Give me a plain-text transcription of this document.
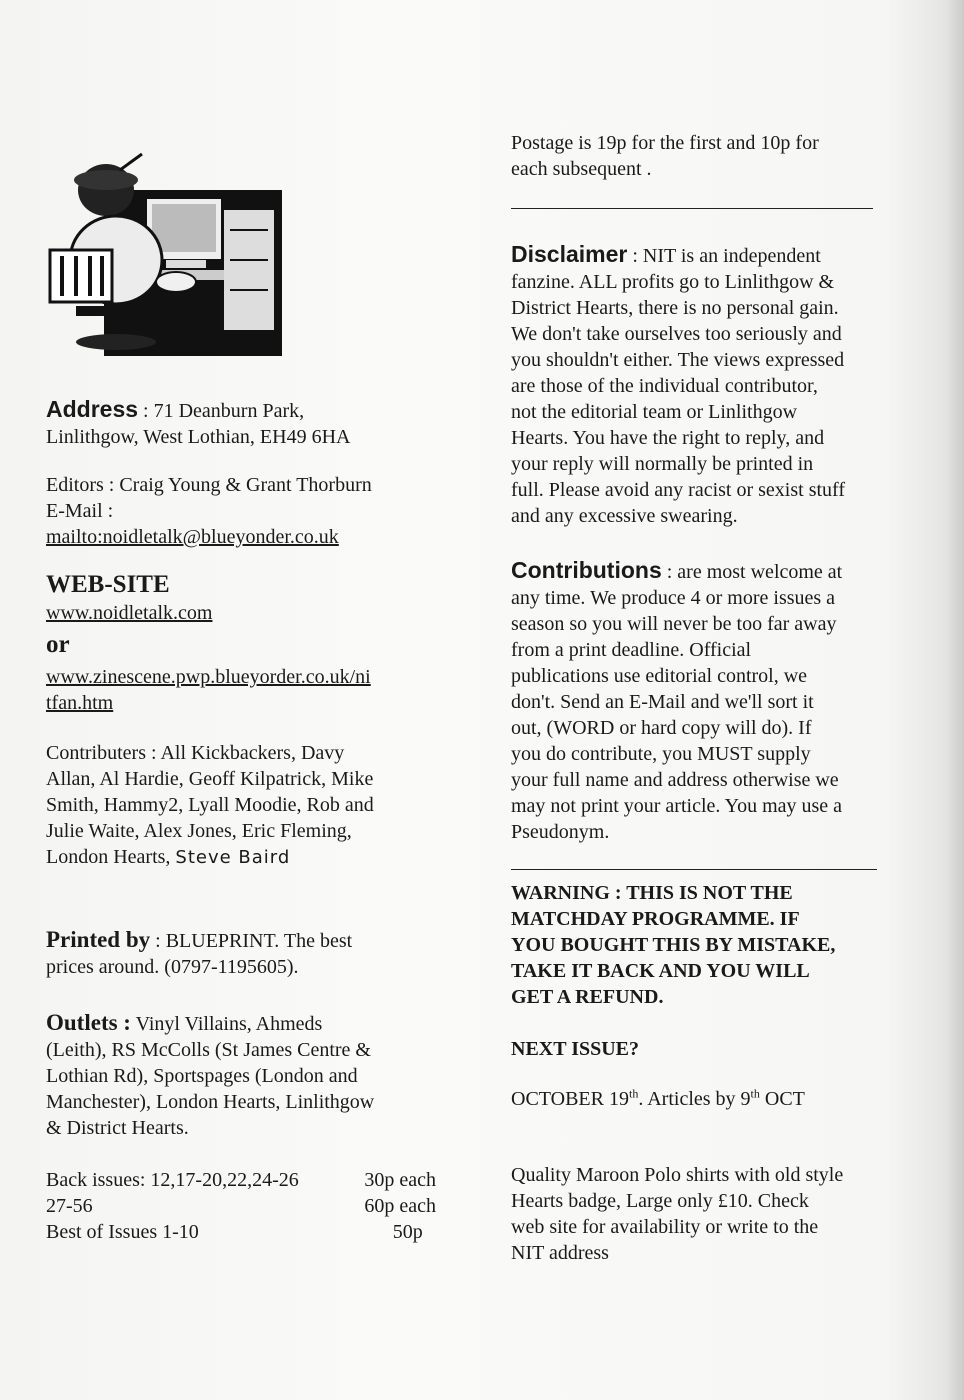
Address : 71 Deanburn Park,
Linlithgow, West Lothian, EH49 6HA
Editors : Craig Young & Grant Thorburn
E-Mail :
mailto:noidletalk@blueyonder.co.uk
WEB-SITE
www.noidletalk.com
or
www.zinescene.pwp.blueyorder.co.uk/ni
tfan.htm
Contributers : All Kickbackers, Davy
Allan, Al Hardie, Geoff Kilpatrick, Mike
Smith, Hammy2, Lyall Moodie, Rob and
Julie Waite, Alex Jones, Eric Fleming,
London Hearts, Steve Baird
Printed by : BLUEPRINT. The best
prices around. (0797-1195605).
Outlets : Vinyl Villains, Ahmeds
(Leith), RS McColls (St James Centre &
Lothian Rd), Sportspages (London and
Manchester), London Hearts, Linlithgow
& District Hearts.
Back issues: 12,17-20,22,24-26	30p each
27-56	60p each
Best of Issues 1-10	50p
Postage is 19p for the first and 10p for
each subsequent .
Disclaimer : NIT is an independent
fanzine. ALL profits go to Linlithgow &
District Hearts, there is no personal gain.
We don't take ourselves too seriously and
you shouldn't either. The views expressed
are those of the individual contributor,
not the editorial team or Linlithgow
Hearts. You have the right to reply, and
your reply will normally be printed in
full. Please avoid any racist or sexist stuff
and any excessive swearing.
Contributions : are most welcome at
any time. We produce 4 or more issues a
season so you will never be too far away
from a print deadline. Official
publications use editorial control, we
don't. Send an E-Mail and we'll sort it
out, (WORD or hard copy will do). If
you do contribute, you MUST supply
your full name and address otherwise we
may not print your article. You may use a
Pseudonym.
WARNING : THIS IS NOT THE
MATCHDAY PROGRAMME. IF
YOU BOUGHT THIS BY MISTAKE,
TAKE IT BACK AND YOU WILL
GET A REFUND.
NEXT ISSUE?
OCTOBER 19th. Articles by 9th OCT
Quality Maroon Polo shirts with old style
Hearts badge, Large only £10. Check
web site for availability or write to the
NIT address
